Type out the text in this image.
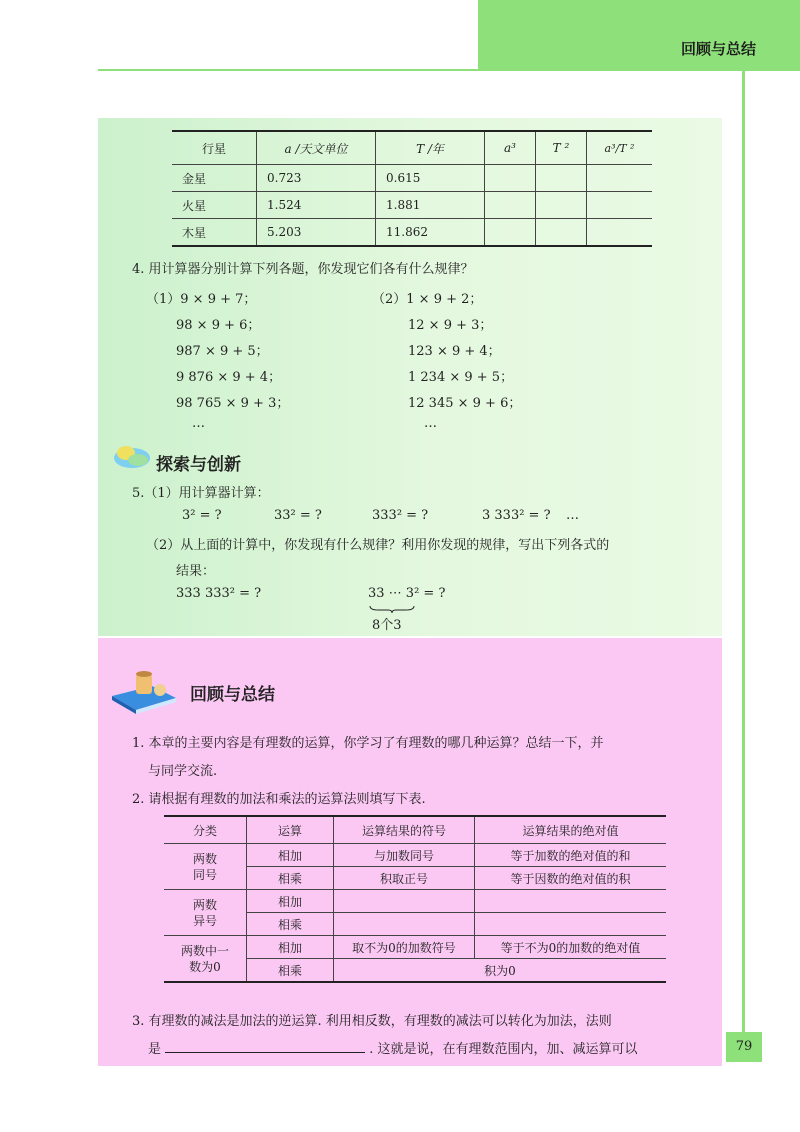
回顾与总结
79
行星	a /天文单位	T /年	a³	T ²	a³/T ²
金星	0.723	0.615			
火星	1.524	1.881			
木星	5.203	11.862			
4. 用计算器分别计算下列各题，你发现它们各有什么规律？
（1）9 × 9 + 7；
98 × 9 + 6；
987 × 9 + 5；
9 876 × 9 + 4；
98 765 × 9 + 3；
…
（2）1 × 9 + 2；
12 × 9 + 3；
123 × 9 + 4；
1 234 × 9 + 5；
12 345 × 9 + 6；
…
探索与创新
5.（1）用计算器计算：
3² = ?	33² = ?	333² = ?	3 333² = ? …
（2）从上面的计算中，你发现有什么规律？利用你发现的规律，写出下列各式的
结果：
333 333² = ?	33 ⋯ 3² = ?
8个3
回顾与总结
1. 本章的主要内容是有理数的运算，你学习了有理数的哪几种运算？总结一下，并
与同学交流.
2. 请根据有理数的加法和乘法的运算法则填写下表.
分类	运算	运算结果的符号	运算结果的绝对值
两数
同号	相加	与加数同号	等于加数的绝对值的和
	相乘	积取正号	等于因数的绝对值的积
两数
异号	相加		
	相乘		
两数中一
数为0	相加	取不为0的加数符号	等于不为0的加数的绝对值
	相乘	积为0	
3. 有理数的减法是加法的逆运算. 利用相反数，有理数的减法可以转化为加法，法则
是	. 这就是说，在有理数范围内，加、减运算可以
